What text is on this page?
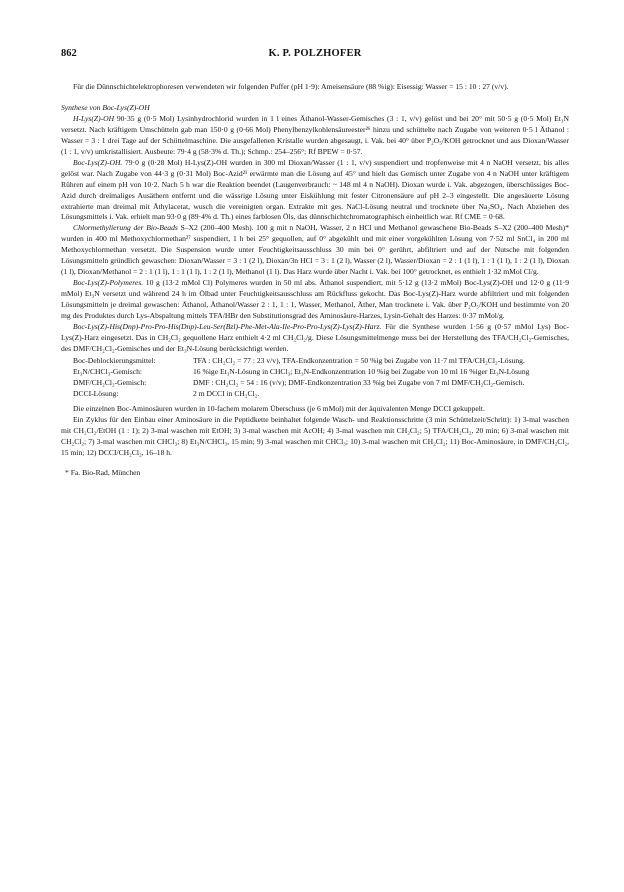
862	K. P. POLZHOFER

Für die Dünnschichtelektrophoresen verwendeten wir folgenden Puffer (pH 1·9): Ameisensäure (88 %ig): Eisessig: Wasser = 15 : 10 : 27 (v/v).

Synthese von Boc-Lys(Z)-OH

H-Lys(Z)-OH 90·35 g (0·5 Mol) Lysinhydrochlorid wurden in 1 l eines Äthanol-Wasser-Gemisches (3 : 1, v/v) gelöst und bei 20° mit 50·5 g (0·5 Mol) Et₃N versetzt. Nach kräftigem Umschütteln gab man 150·0 g (0·66 Mol) Phenylbenzylkohlensäureester²⁶ hinzu und schüttelte nach Zugabe von weiteren 0·5 l Äthanol : Wasser = 3 : 1 drei Tage auf der Schüttelmaschine. Die ausgefallenen Kristalle wurden abgesaugt, i. Vak. bei 40° über P₂O₅/KOH getrocknet und aus Dioxan/Wasser (1 : 1, v/v) umkristallisiert. Ausbeute: 79·4 g (58·3% d. Th.); Schmp.: 254–256°; Rf BPEW = 0·57.

Boc-Lys(Z)-OH. 79·0 g (0·28 Mol) H-Lys(Z)-OH wurden in 300 ml Dioxan/Wasser (1 : 1, v/v) suspendiert und tropfenweise mit 4 n NaOH versetzt, bis alles gelöst war. Nach Zugabe von 44·3 g (0·31 Mol) Boc-Azid²¹ erwärmte man die Lösung auf 45° und hielt das Gemisch unter Zugabe von 4 n NaOH unter kräftigem Rühren auf einem pH von 10·2. Nach 5 h war die Reaktion beendet (Laugenverbrauch: ~ 148 ml 4 n NaOH). Dioxan wurde i. Vak. abgezogen, überschüssiges Boc-Azid durch dreimaliges Ausäthern entfernt und die wässrige Lösung unter Eiskühlung mit fester Citronensäure auf pH 2–3 eingestellt. Die angesäuerte Lösung extrahierte man dreimal mit Äthylacetat, wusch die vereinigten organ. Extrakte mit ges. NaCl-Lösung neutral und trocknete über Na₂SO₄. Nach Abziehen des Lösungsmittels i. Vak. erhielt man 93·0 g (89·4% d. Th.) eines farblosen Öls, das dünnschichtchromatographisch einheitlich war. Rf CME = 0·68.

Chlormethylierung der Bio-Beads S–X2 (200–400 Mesh). 100 g mit n NaOH, Wasser, 2 n HCl und Methanol gewaschene Bio-Beads S–X2 (200–400 Mesh)* wurden in 400 ml Methoxychlormethan²⁷ suspendiert, 1 h bei 25° gequollen, auf 0° abgekühlt und mit einer vorgekühlten Lösung von 7·52 ml SnCl₄ in 200 ml Methoxychlormethan versetzt. Die Suspension wurde unter Feuchtigkeitsausschluss 30 min bei 0° gerührt, abfiltriert und auf der Nutsche mit folgenden Lösungsmitteln gründlich gewaschen: Dioxan/Wasser = 3 : 1 (2 l), Dioxan/3n HCl = 3 : 1 (2 l), Wasser (2 l), Wasser/Dioxan = 2 : 1 (1 l), 1 : 1 (1 l), 1 : 2 (1 l), Dioxan (1 l), Dioxan/Methanol = 2 : 1 (1 l), 1 : 1 (1 l), 1 : 2 (1 l), Methanol (1 l). Das Harz wurde über Nacht i. Vak. bei 100° getrocknet, es enthielt 1·32 mMol Cl/g.

Boc-Lys(Z)-Polymeres. 10 g (13·2 mMol Cl) Polymeres wurden in 50 ml abs. Äthanol suspendiert, mit 5·12 g (13·2 mMol) Boc-Lys(Z)-OH und 12·0 g (11·9 mMol) Et₃N versetzt und während 24 h im Ölbad unter Feuchtigkeitsausschluss am Rückfluss gekocht. Das Boc-Lys(Z)-Harz wurde abfiltriert und mit folgenden Lösungsmitteln je dreimal gewaschen: Äthanol, Äthanol/Wasser 2 : 1, 1 : 1, Wasser, Methanol, Äther, Man trocknete i. Vak. über P₂O₅/KOH und bestimmte von 20 mg des Produktes durch Lys-Abspaltung mittels TFA/HBr den Substitutionsgrad des Aminosäure-Harzes, Lysin-Gehalt des Harzes: 0·37 mMol/g.

Boc-Lys(Z)-His(Dnp)-Pro-Pro-His(Dnp)-Leu-Ser(Bzl)-Phe-Met-Ala-Ile-Pro-Pro-Lys(Z)-Lys(Z)-Harz. Für die Synthese wurden 1·56 g (0·57 mMol Lys) Boc-Lys(Z)-Harz eingesetzt. Das in CH₂Cl₂ gequollene Harz enthielt 4·2 ml CH₂Cl₂/g. Diese Lösungsmittelmenge muss bei der Herstellung des TFA/CH₂Cl₂-Gemisches, des DMF/CH₂Cl₂-Gemisches und der Et₃N-Lösung berücksichtigt werden.

Boc-Deblockierungsmittel:	TFA : CH₂Cl₂ = 77 : 23 v/v), TFA-Endkonzentration = 50 %ig bei Zugabe von 11·7 ml TFA/CH₂Cl₂-Lösung.
Et₃N/CHCl₃-Gemisch:	16 %ige Et₃N-Lösung in CHCl₃; Et₃N-Endkonzentration 10 %ig bei Zugabe von 10 ml 16 %iger Et₃N-Lösung
DMF/CH₂Cl₂-Gemisch:	DMF : CH₂Cl₂ = 54 : 16 (v/v); DMF-Endkonzentration 33 %ig bei Zugabe von 7 ml DMF/CH₂Cl₂-Gemisch.
DCCI-Lösung:	2 m DCCI in CH₂Cl₂.

Die einzelnen Boc-Aminosäuren wurden in 10-fachem molarem Überschuss (je 6 mMol) mit der äquivalenten Menge DCCI gekuppelt.

Ein Zyklus für den Einbau einer Aminosäure in die Peptidkette beinhaltet folgende Wasch- und Reaktionsschritte (3 min Schüttelzeit/Schritt): 1) 3-mal waschen mit CH₂Cl₂/EtOH (1 : 1); 2) 3-mal waschen mit EtOH; 3) 3-mal waschen mit AcOH; 4) 3-mal waschen mit CH₂Cl₂; 5) TFA/CH₂Cl₂, 20 min; 6) 3-mal waschen mit CH₂Cl₂; 7) 3-mal waschen mit CHCl₃; 8) Et₃N/CHCl₃, 15 min; 9) 3-mal waschen mit CHCl₃; 10) 3-mal waschen mit CH₂Cl₂; 11) Boc-Aminosäure, in DMF/CH₂Cl₂, 15 min; 12) DCCI/CH₂Cl₂, 16–18 h.

* Fa. Bio-Rad, München
